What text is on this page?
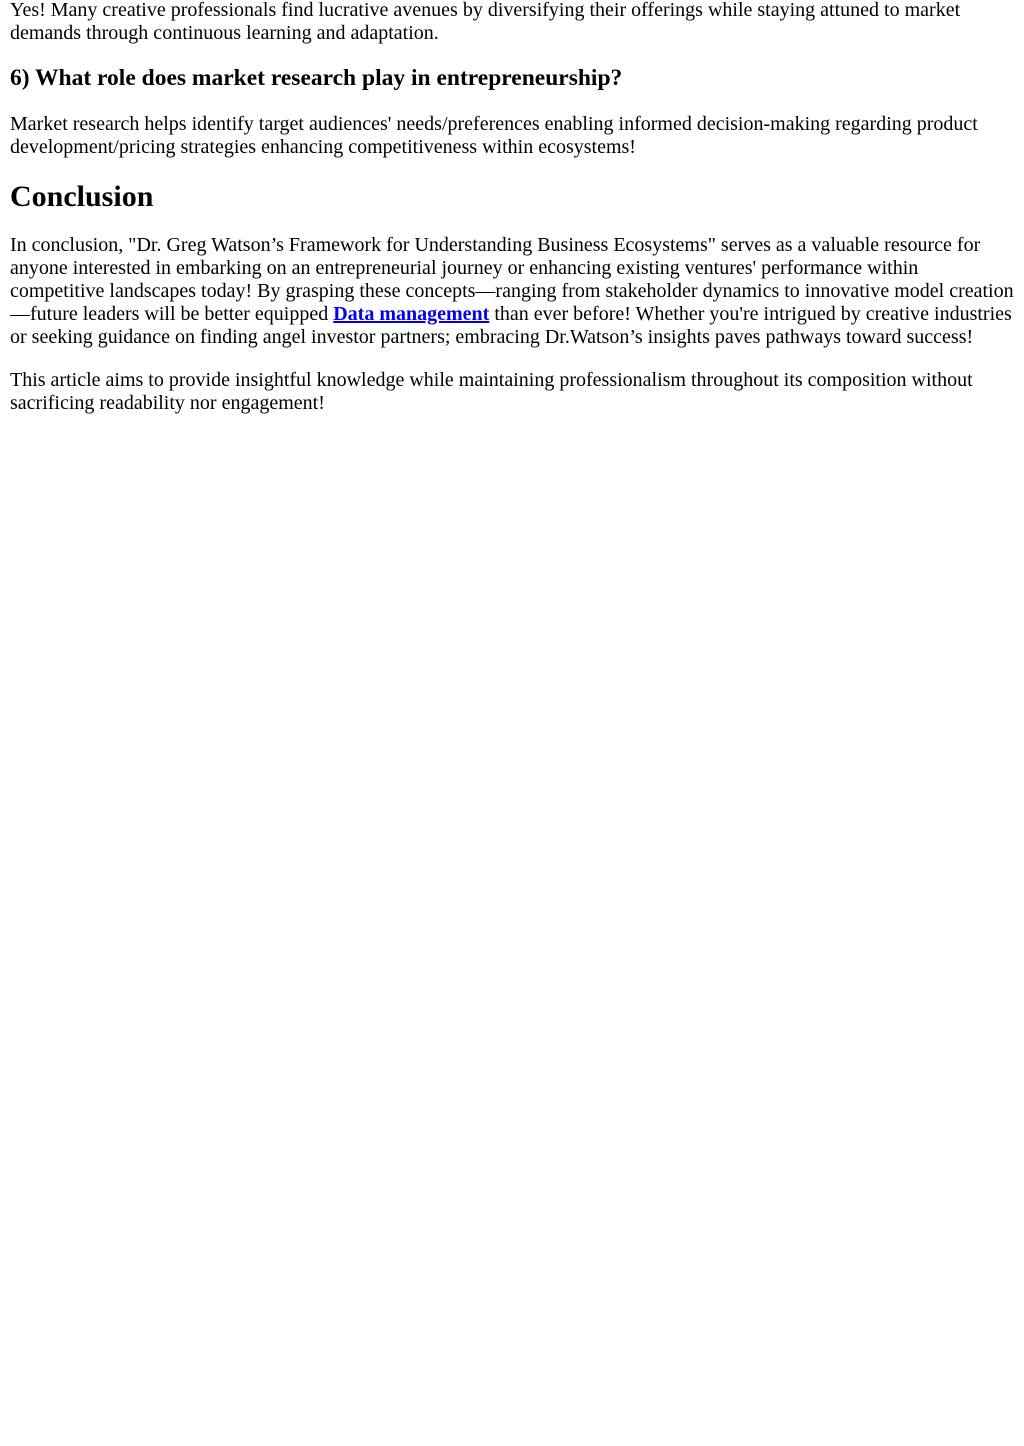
Yes! Many creative professionals find lucrative avenues by diversifying their offerings while staying attuned to market demands through continuous learning and adaptation.

6) What role does market research play in entrepreneurship?

Market research helps identify target audiences' needs/preferences enabling informed decision-making regarding product development/pricing strategies enhancing competitiveness within ecosystems!

Conclusion

In conclusion, "Dr. Greg Watson’s Framework for Understanding Business Ecosystems" serves as a valuable resource for anyone interested in embarking on an entrepreneurial journey or enhancing existing ventures' performance within competitive landscapes today! By grasping these concepts—ranging from stakeholder dynamics to innovative model creation—future leaders will be better equipped Data management than ever before! Whether you're intrigued by creative industries or seeking guidance on finding angel investor partners; embracing Dr.Watson’s insights paves pathways toward success!

This article aims to provide insightful knowledge while maintaining professionalism throughout its composition without sacrificing readability nor engagement!
